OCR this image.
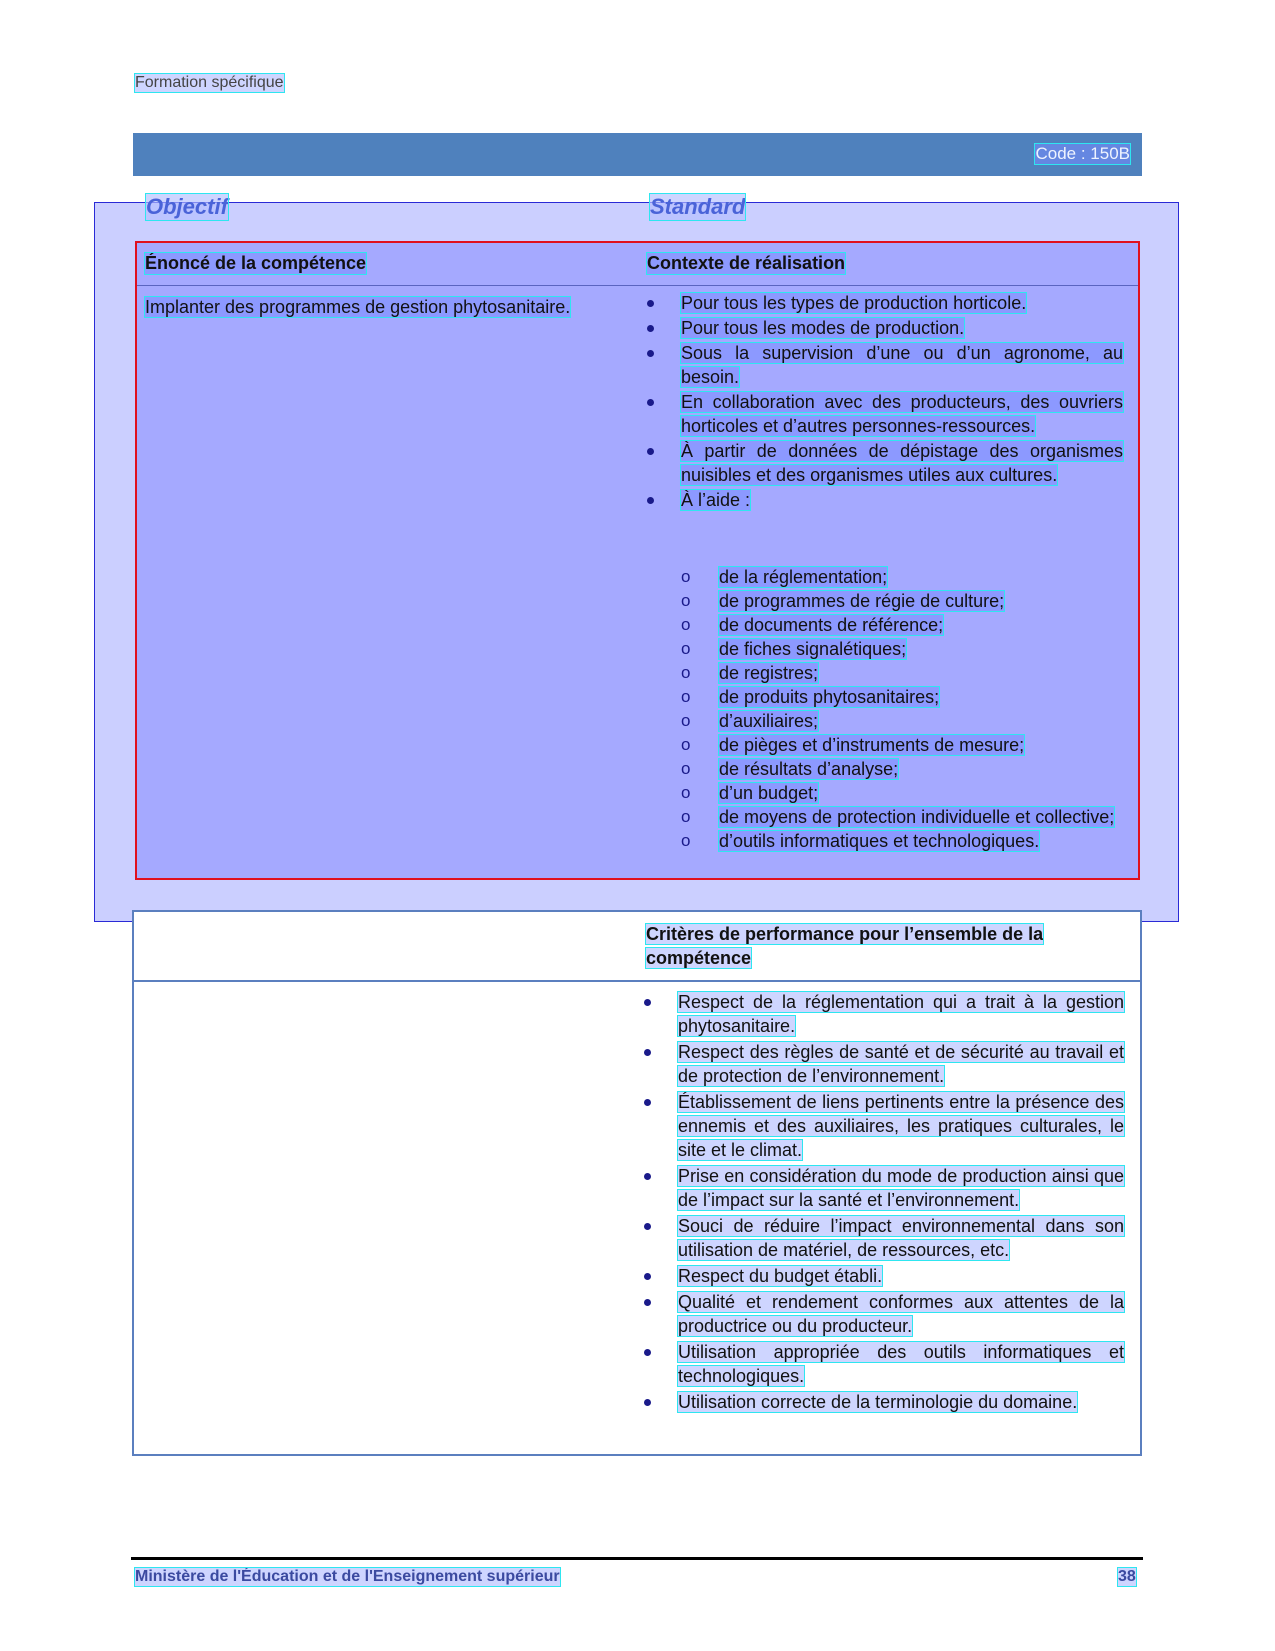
Formation spécifique
Code : 150B
Objectif	Standard
Énoncé de la compétence	Contexte de réalisation
Implanter des programmes de gestion phytosanitaire.	Pour tous les types de production horticole.
Pour tous les modes de production.
Sous la supervision d’une ou d’un agronome, au besoin.
En collaboration avec des producteurs, des ouvriers horticoles et d’autres personnes-ressources.
À partir de données de dépistage des organismes nuisibles et des organismes utiles aux cultures.
À l’aide :
o de la réglementation;
o de programmes de régie de culture;
o de documents de référence;
o de fiches signalétiques;
o de registres;
o de produits phytosanitaires;
o d’auxiliaires;
o de pièges et d’instruments de mesure;
o de résultats d’analyse;
o d’un budget;
o de moyens de protection individuelle et collective;
o d’outils informatiques et technologiques.
Critères de performance pour l’ensemble de la compétence
Respect de la réglementation qui a trait à la gestion phytosanitaire.
Respect des règles de santé et de sécurité au travail et de protection de l’environnement.
Établissement de liens pertinents entre la présence des ennemis et des auxiliaires, les pratiques culturales, le site et le climat.
Prise en considération du mode de production ainsi que de l’impact sur la santé et l’environnement.
Souci de réduire l’impact environnemental dans son utilisation de matériel, de ressources, etc.
Respect du budget établi.
Qualité et rendement conformes aux attentes de la productrice ou du producteur.
Utilisation appropriée des outils informatiques et technologiques.
Utilisation correcte de la terminologie du domaine.
Ministère de l'Éducation et de l'Enseignement supérieur	38
